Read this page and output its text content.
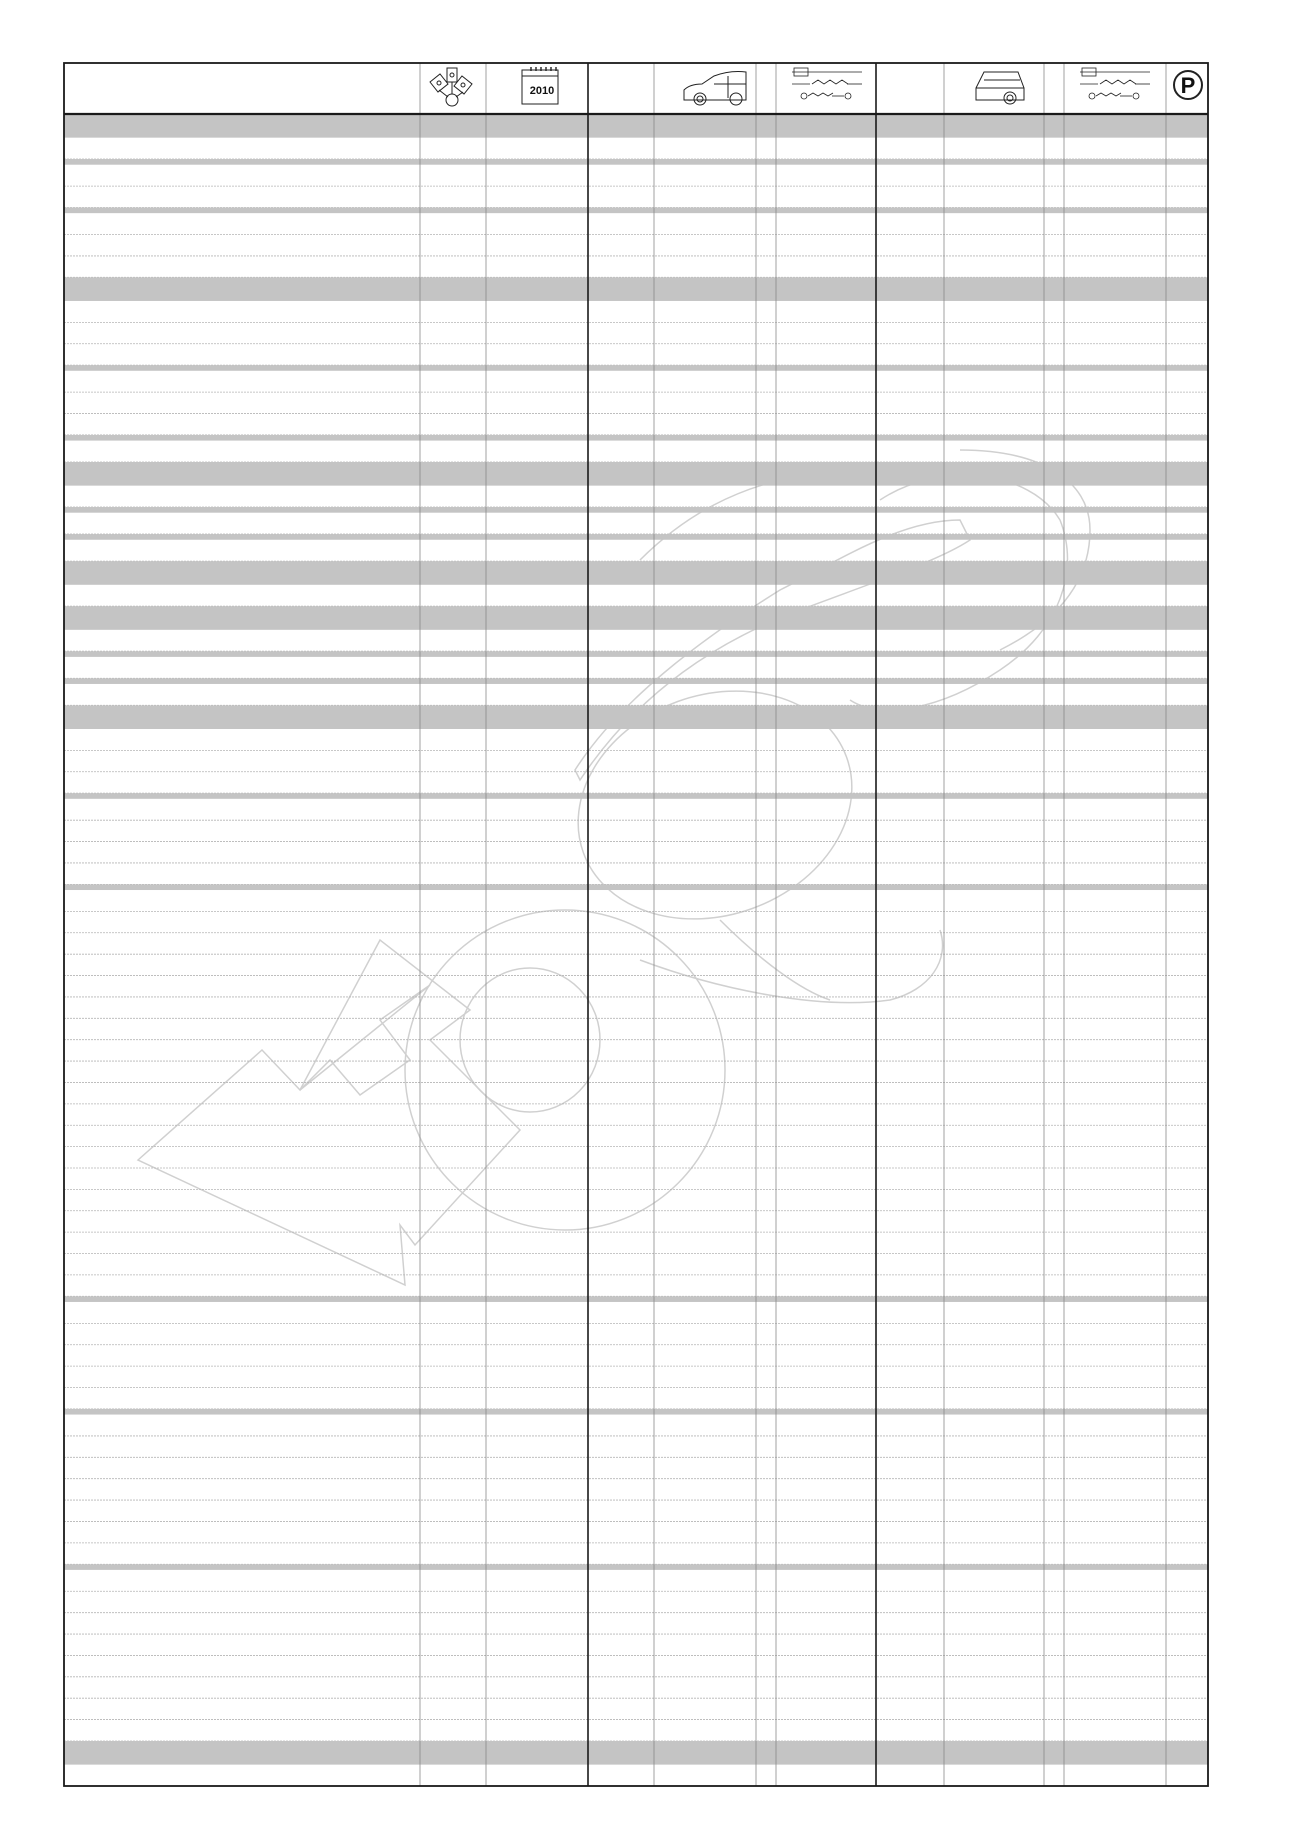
P
2010
